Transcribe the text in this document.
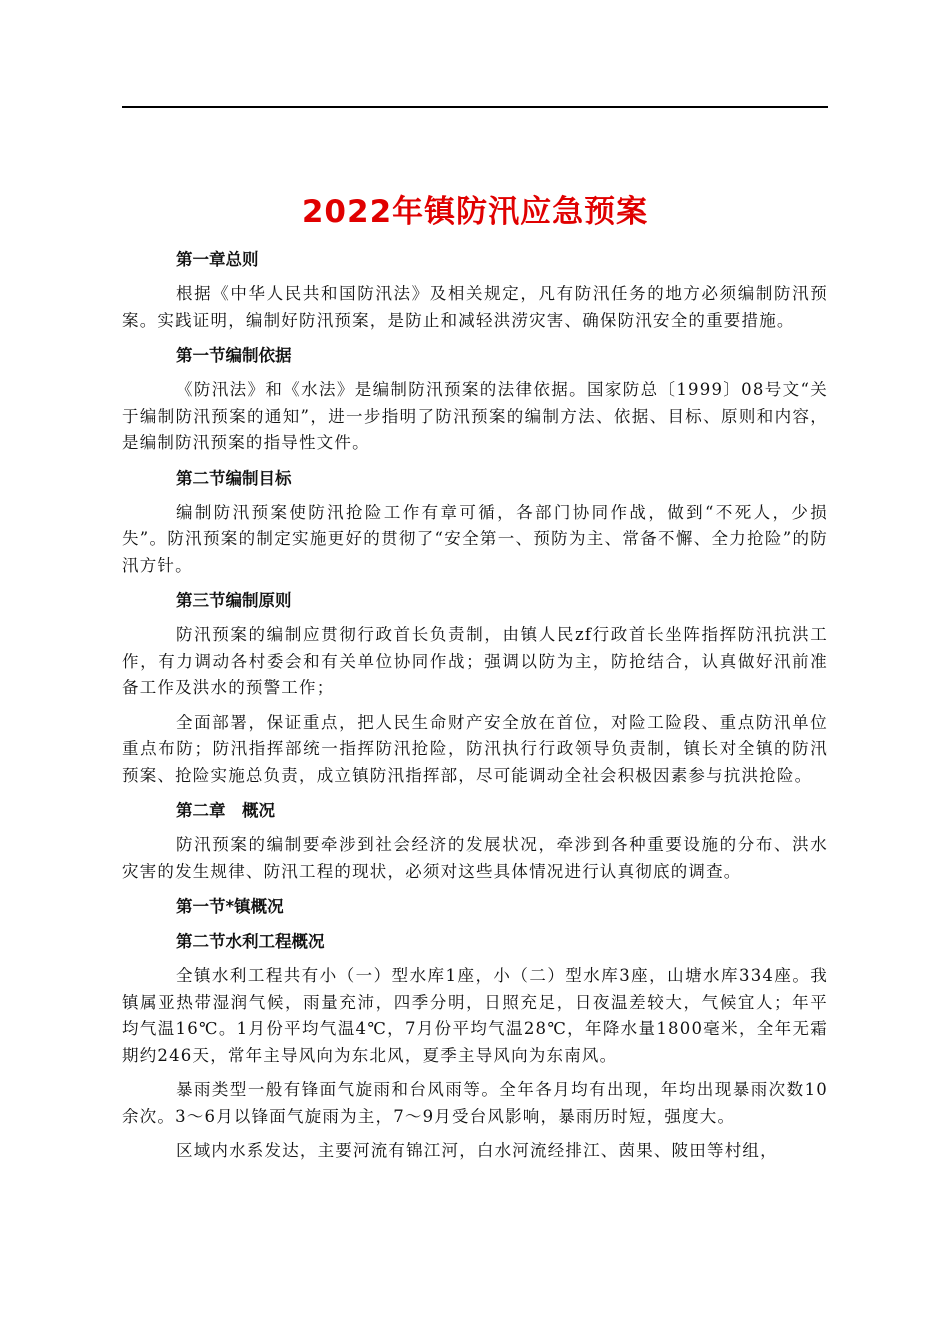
2022年镇防汛应急预案
第一章总则

根据《中华人民共和国防汛法》及相关规定，凡有防汛任务的地方必须编制防汛预案。实践证明，编制好防汛预案，是防止和减轻洪涝灾害、确保防汛安全的重要措施。

第一节编制依据

《防汛法》和《水法》是编制防汛预案的法律依据。国家防总〔1999〕08号文“关于编制防汛预案的通知”，进一步指明了防汛预案的编制方法、依据、目标、原则和内容，是编制防汛预案的指导性文件。

第二节编制目标

编制防汛预案使防汛抢险工作有章可循，各部门协同作战，做到“不死人，少损失”。防汛预案的制定实施更好的贯彻了“安全第一、预防为主、常备不懈、全力抢险”的防汛方针。

第三节编制原则

防汛预案的编制应贯彻行政首长负责制，由镇人民zf行政首长坐阵指挥防汛抗洪工作，有力调动各村委会和有关单位协同作战；强调以防为主，防抢结合，认真做好汛前准备工作及洪水的预警工作；

全面部署，保证重点，把人民生命财产安全放在首位，对险工险段、重点防汛单位重点布防；防汛指挥部统一指挥防汛抢险，防汛执行行政领导负责制，镇长对全镇的防汛预案、抢险实施总负责，成立镇防汛指挥部，尽可能调动全社会积极因素参与抗洪抢险。

第二章　概况

防汛预案的编制要牵涉到社会经济的发展状况，牵涉到各种重要设施的分布、洪水灾害的发生规律、防汛工程的现状，必须对这些具体情况进行认真彻底的调查。

第一节*镇概况
第二节水利工程概况

全镇水利工程共有小（一）型水库1座，小（二）型水库3座，山塘水库334座。我镇属亚热带湿润气候，雨量充沛，四季分明，日照充足，日夜温差较大，气候宜人；年平均气温16℃。1月份平均气温4℃，7月份平均气温28℃，年降水量1800毫米，全年无霜期约246天，常年主导风向为东北风，夏季主导风向为东南风。

暴雨类型一般有锋面气旋雨和台风雨等。全年各月均有出现，年均出现暴雨次数10余次。3～6月以锋面气旋雨为主，7～9月受台风影响，暴雨历时短，强度大。

区域内水系发达，主要河流有锦江河，白水河流经排江、茵果、陂田等村组，
